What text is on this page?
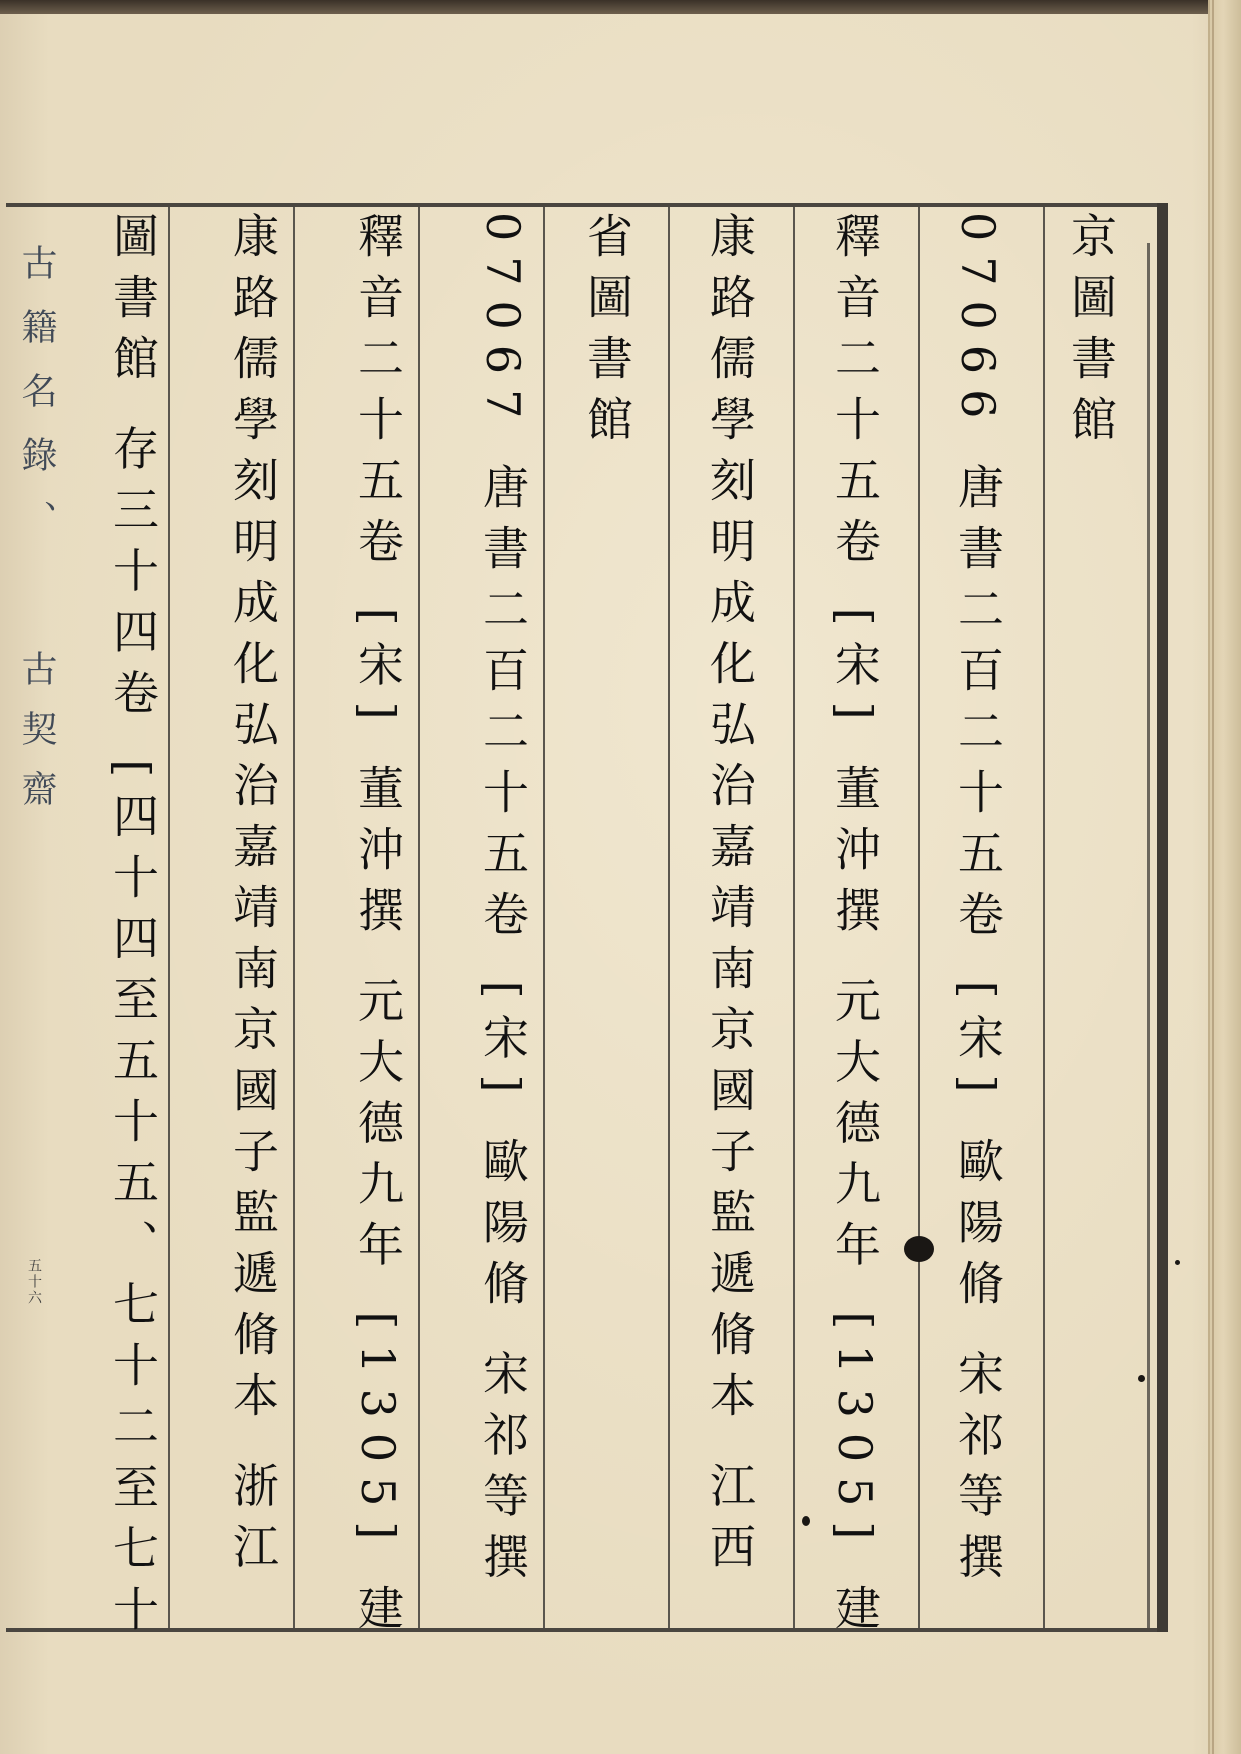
古籍名錄、
古契齋
五十六
京圖書館
07066 唐書二百二十五卷 [宋] 歐陽脩 宋祁等撰
釋音二十五卷 [宋] 董沖撰 元大德九年 [1305] 建
康路儒學刻明成化弘治嘉靖南京國子監遞脩本 江西
省圖書館
07067 唐書二百二十五卷 [宋] 歐陽脩 宋祁等撰
釋音二十五卷 [宋] 董沖撰 元大德九年 [1305] 建
康路儒學刻明成化弘治嘉靖南京國子監遞脩本 浙江
圖書館 存三十四卷 [四十四至五十五、七十二至七十
